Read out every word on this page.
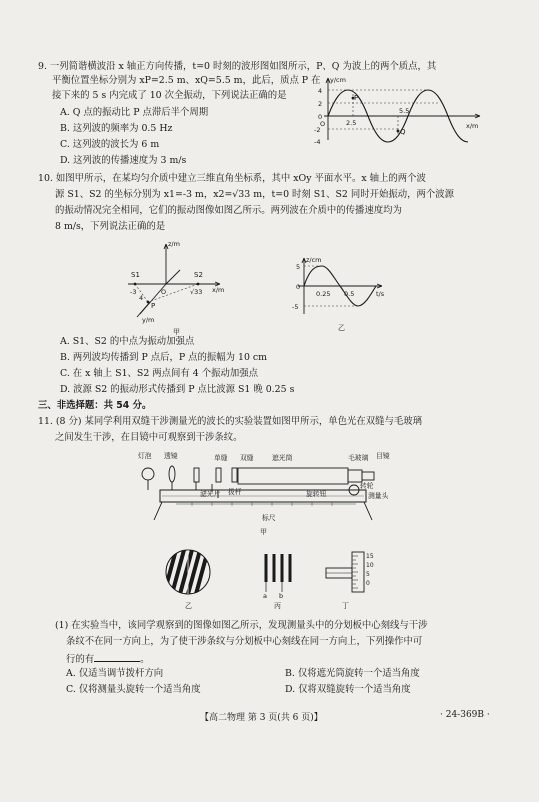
9. 一列简谐横波沿 x 轴正方向传播，t=0 时刻的波形图如图所示，P、Q 为波上的两个质点，其
平衡位置坐标分别为 xP=2.5 m、xQ=5.5 m，此后，质点 P 在
接下来的 5 s 内完成了 10 次全振动，下列说法正确的是
A. Q 点的振动比 P 点滞后半个周期
B. 这列波的频率为 0.5 Hz
C. 这列波的波长为 6 m
D. 这列波的传播速度为 3 m/s
y/cm
x/m
4
2
0
-2
-4
2.5
P
5.5
Q
O
10. 如图甲所示，在某均匀介质中建立三维直角坐标系，其中 xOy 平面水平。x 轴上的两个波
源 S1、S2 的坐标分别为 x1=-3 m，x2=√33 m，t=0 时刻 S1、S2 同时开始振动，两个波源
的振动情况完全相同，它们的振动图像如图乙所示。两列波在介质中的传播速度均为
8 m/s，下列说法正确的是
z/m
x/m
y/m
S1	S2
-3	√33
O
4
P
甲
z/cm
t/s
5
0
-5
0.25 0.5
乙
A. S1、S2 的中点为振动加强点
B. 两列波均传播到 P 点后，P 点的振幅为 10 cm
C. 在 x 轴上 S1、S2 两点间有 4 个振动加强点
D. 波源 S2 的振动形式传播到 P 点比波源 S1 晚 0.25 s
三、非选择题：共 54 分。
11. (8 分) 某同学利用双缝干涉测量光的波长的实验装置如图甲所示，单色光在双缝与毛玻璃
之间发生干涉，在目镜中可观察到干涉条纹。
灯泡 透镜	单缝 双缝	遮光筒	毛玻璃 目镜
滤光片 拨杆	旋转钮	测量头
转轮
标尺
甲
乙
a b
丙
15
10
5
0
丁
(1) 在实验当中，该同学观察到的图像如图乙所示，发现测量头中的分划板中心刻线与干涉
条纹不在同一方向上，为了使干涉条纹与分划板中心刻线在同一方向上，下列操作中可
行的有	。
A. 仅适当调节拨杆方向	B. 仅将遮光筒旋转一个适当角度
C. 仅将测量头旋转一个适当角度	D. 仅将双缝旋转一个适当角度
【高二物理 第 3 页(共 6 页)】	· 24-369B ·
